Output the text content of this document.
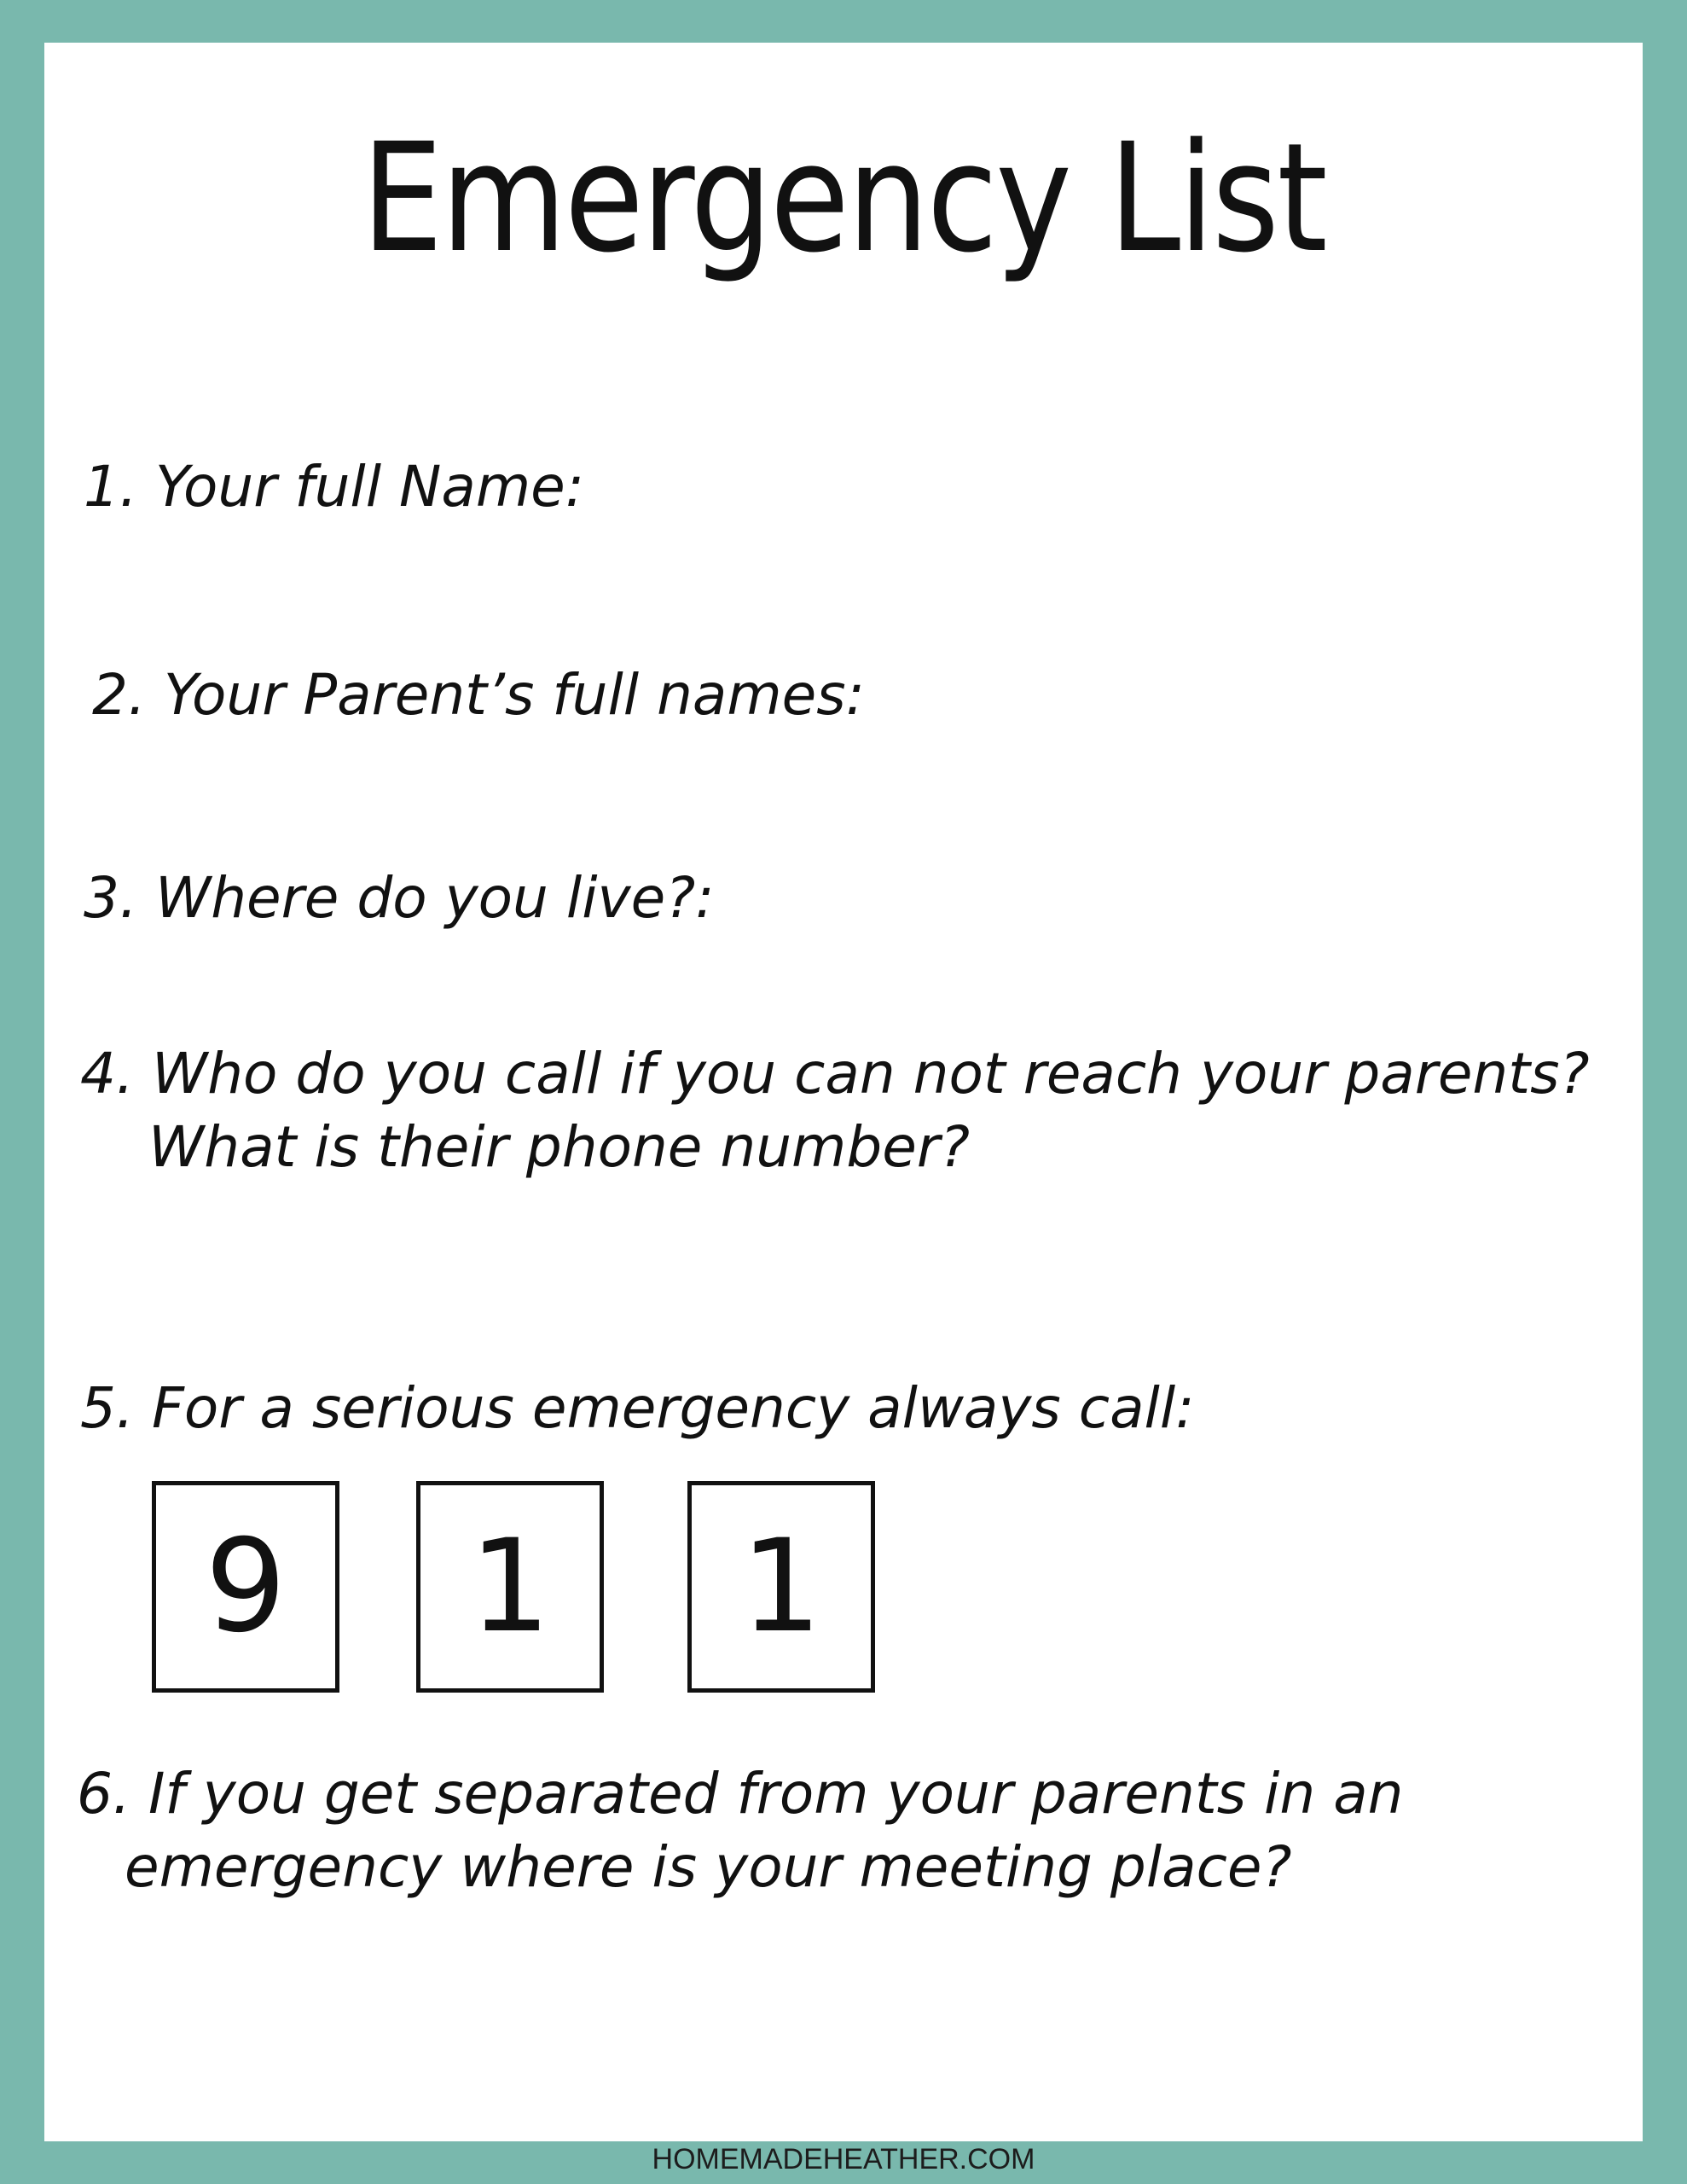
Emergency List
1. Your full Name:
2. Your Parent’s full names:
3. Where do you live?:
4. Who do you call if you can not reach your parents?
What is their phone number?
5. For a serious emergency always call:
9	1	1
6. If you get separated from your parents in an
emergency where is your meeting place?
HOMEMADEHEATHER.COM
